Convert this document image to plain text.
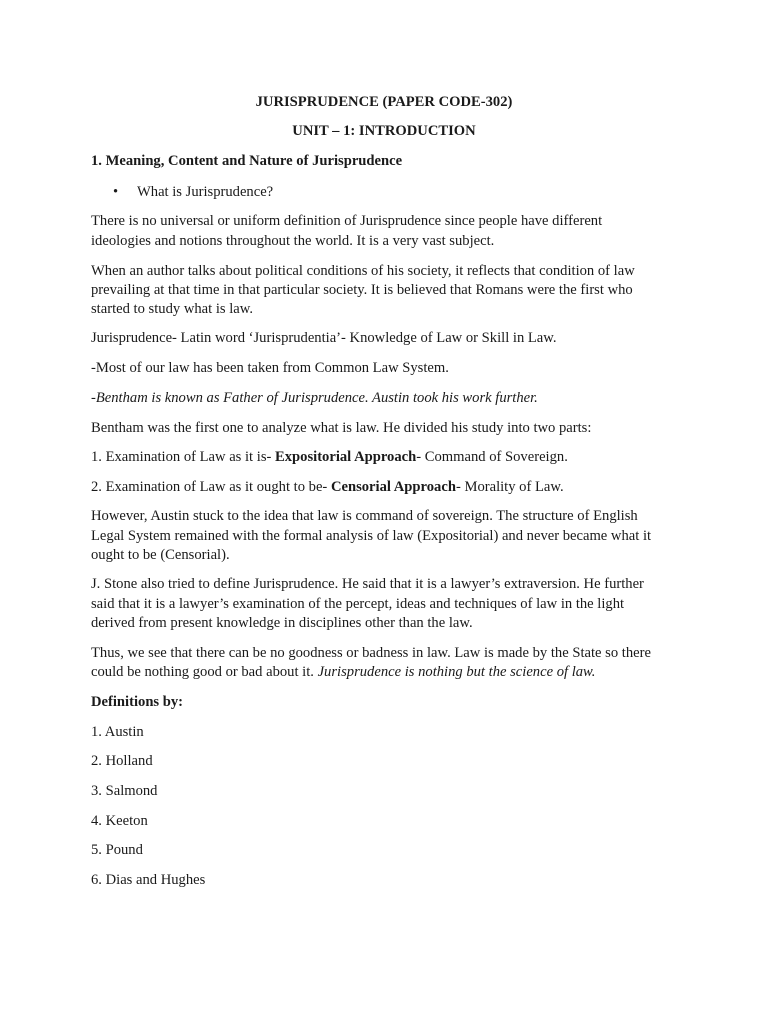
JURISPRUDENCE (PAPER CODE-302)
UNIT – 1: INTRODUCTION
1. Meaning, Content and Nature of Jurisprudence
• What is Jurisprudence?
There is no universal or uniform definition of Jurisprudence since people have different
ideologies and notions throughout the world. It is a very vast subject.
When an author talks about political conditions of his society, it reflects that condition of law
prevailing at that time in that particular society. It is believed that Romans were the first who
started to study what is law.
Jurisprudence- Latin word ‘Jurisprudentia’- Knowledge of Law or Skill in Law.
-Most of our law has been taken from Common Law System.
-Bentham is known as Father of Jurisprudence. Austin took his work further.
Bentham was the first one to analyze what is law. He divided his study into two parts:
1. Examination of Law as it is- Expositorial Approach- Command of Sovereign.
2. Examination of Law as it ought to be- Censorial Approach- Morality of Law.
However, Austin stuck to the idea that law is command of sovereign. The structure of English
Legal System remained with the formal analysis of law (Expositorial) and never became what it
ought to be (Censorial).
J. Stone also tried to define Jurisprudence. He said that it is a lawyer’s extraversion. He further
said that it is a lawyer’s examination of the percept, ideas and techniques of law in the light
derived from present knowledge in disciplines other than the law.
Thus, we see that there can be no goodness or badness in law. Law is made by the State so there
could be nothing good or bad about it. Jurisprudence is nothing but the science of law.
Definitions by:
1. Austin
2. Holland
3. Salmond
4. Keeton
5. Pound
6. Dias and Hughes
